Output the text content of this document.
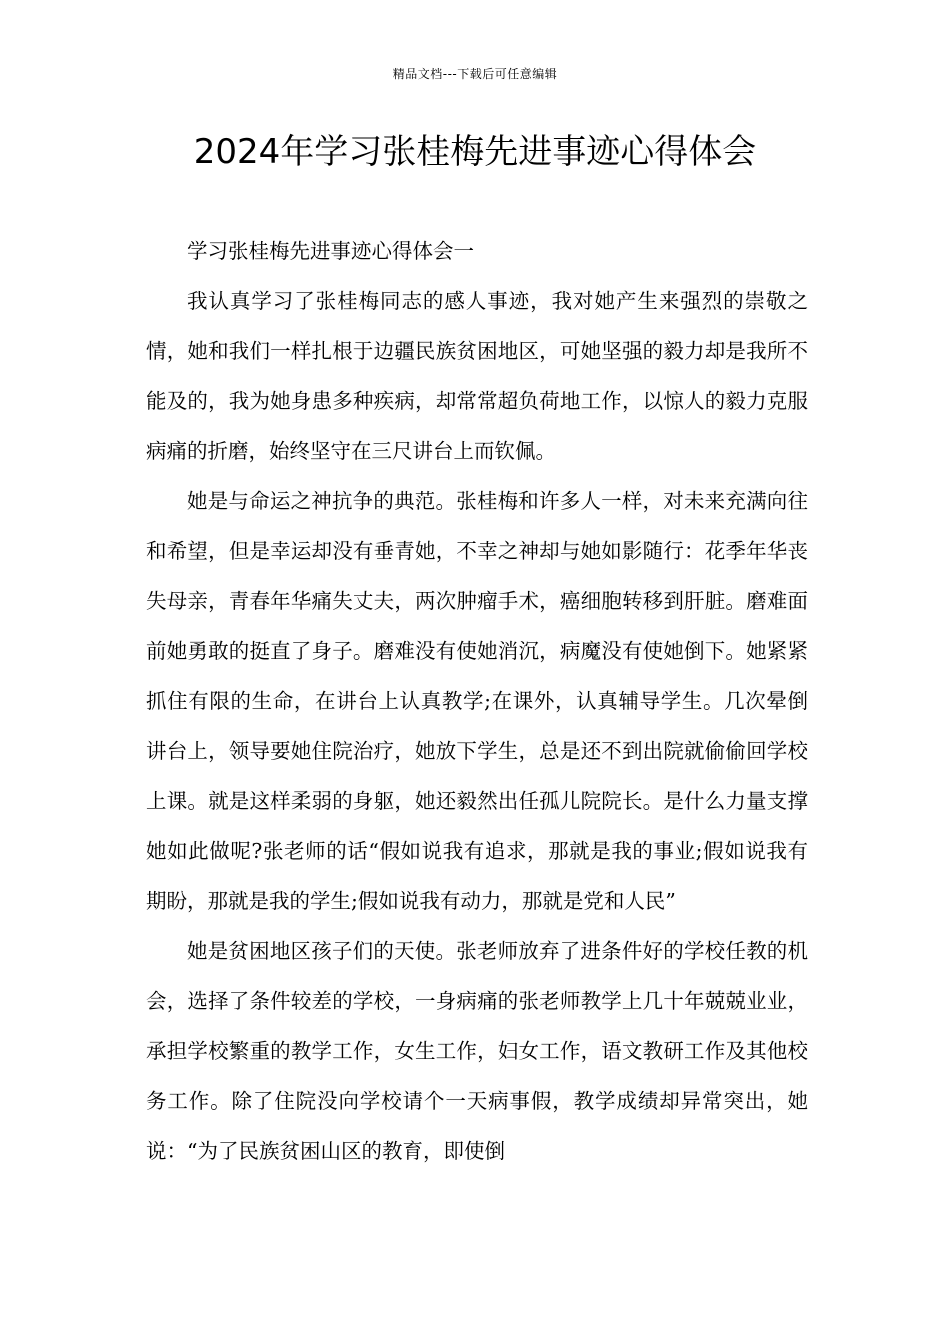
精品文档---下载后可任意编辑
2024年学习张桂梅先进事迹心得体会

学习张桂梅先进事迹心得体会一

我认真学习了张桂梅同志的感人事迹，我对她产生来强烈的崇敬之情，她和我们一样扎根于边疆民族贫困地区，可她坚强的毅力却是我所不能及的，我为她身患多种疾病，却常常超负荷地工作，以惊人的毅力克服病痛的折磨，始终坚守在三尺讲台上而钦佩。

她是与命运之神抗争的典范。张桂梅和许多人一样，对未来充满向往和希望，但是幸运却没有垂青她，不幸之神却与她如影随行：花季年华丧失母亲，青春年华痛失丈夫，两次肿瘤手术，癌细胞转移到肝脏。磨难面前她勇敢的挺直了身子。磨难没有使她消沉，病魔没有使她倒下。她紧紧抓住有限的生命，在讲台上认真教学;在课外，认真辅导学生。几次晕倒讲台上，领导要她住院治疗，她放下学生，总是还不到出院就偷偷回学校上课。就是这样柔弱的身躯，她还毅然出任孤儿院院长。是什么力量支撑她如此做呢?张老师的话“假如说我有追求，那就是我的事业;假如说我有期盼，那就是我的学生;假如说我有动力，那就是党和人民”

她是贫困地区孩子们的天使。张老师放弃了进条件好的学校任教的机会，选择了条件较差的学校，一身病痛的张老师教学上几十年兢兢业业，承担学校繁重的教学工作，女生工作，妇女工作，语文教研工作及其他校务工作。除了住院没向学校请个一天病事假，教学成绩却异常突出，她说：“为了民族贫困山区的教育，即使倒
